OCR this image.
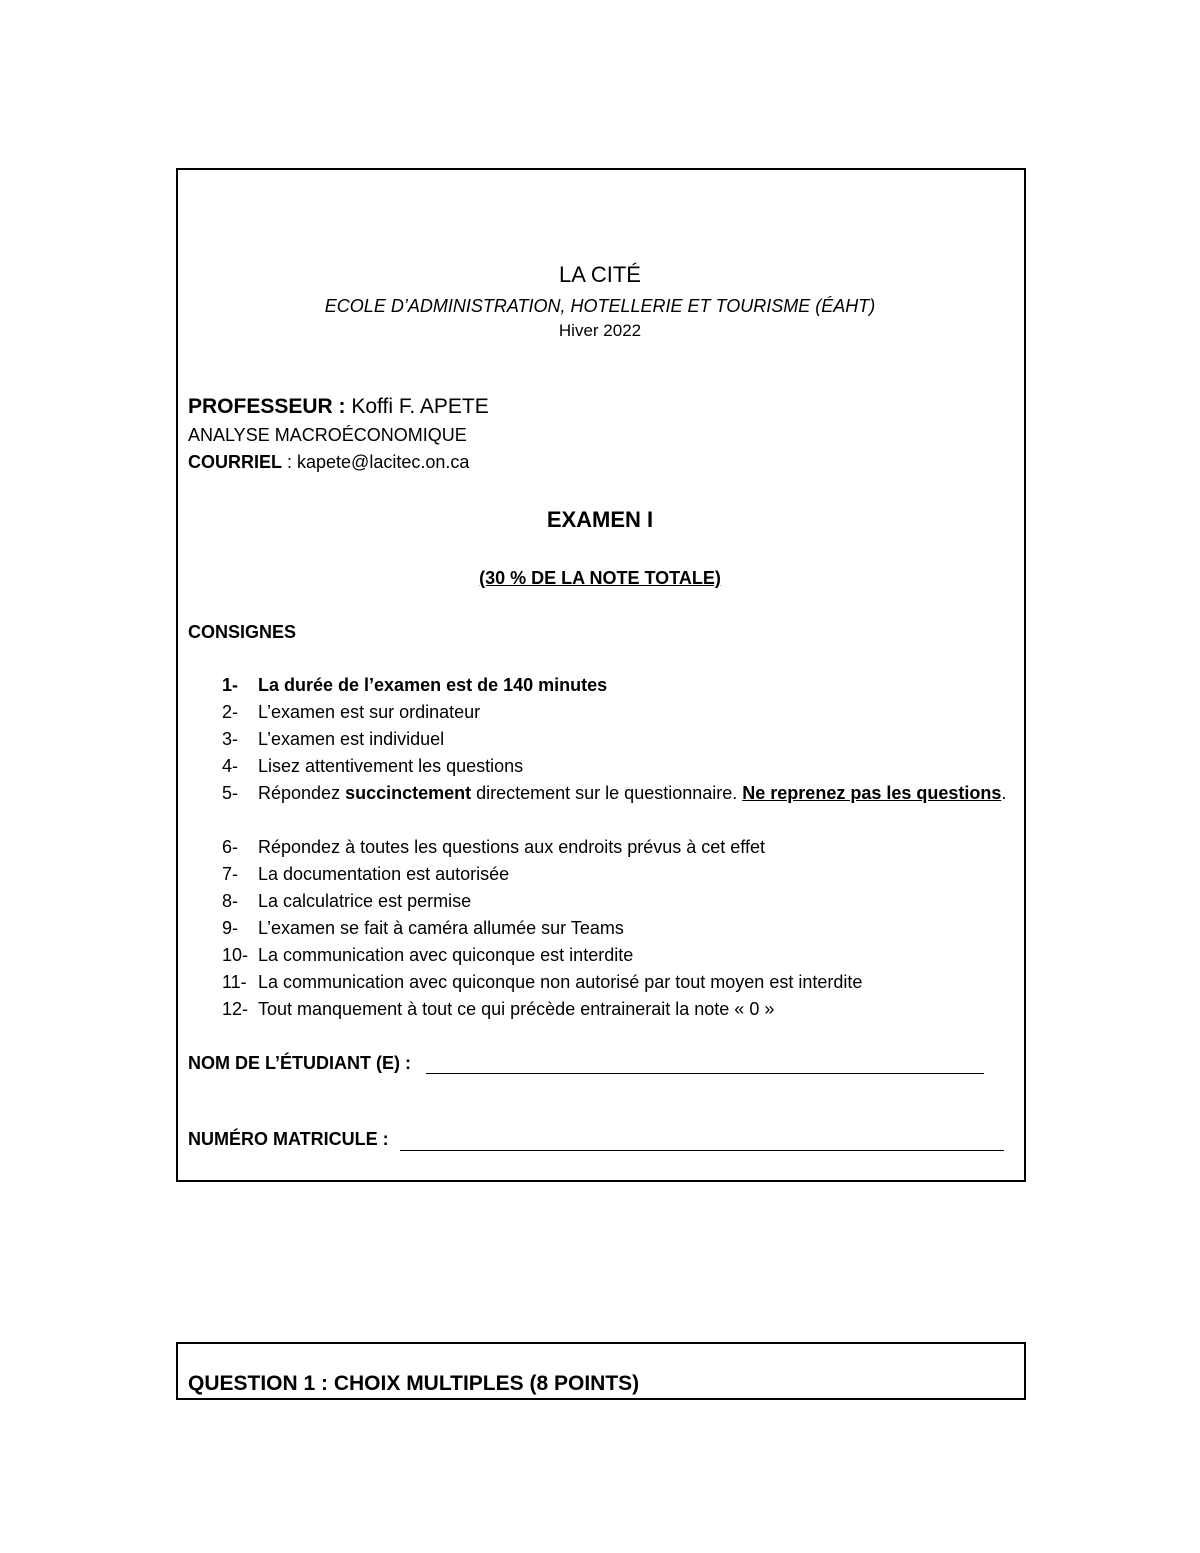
LA CITÉ
ECOLE D’ADMINISTRATION, HOTELLERIE ET TOURISME (ÉAHT)
Hiver 2022
PROFESSEUR : Koffi F. APETE
ANALYSE MACROÉCONOMIQUE
COURRIEL : kapete@lacitec.on.ca
EXAMEN I
(30 % DE LA NOTE TOTALE)
CONSIGNES
1- La durée de l’examen est de 140 minutes
2- L’examen est sur ordinateur
3- L’examen est individuel
4- Lisez attentivement les questions
5- Répondez succinctement directement sur le questionnaire. Ne reprenez pas les questions.
6- Répondez à toutes les questions aux endroits prévus à cet effet
7- La documentation est autorisée
8- La calculatrice est permise
9- L’examen se fait à caméra allumée sur Teams
10- La communication avec quiconque est interdite
11- La communication avec quiconque non autorisé par tout moyen est interdite
12- Tout manquement à tout ce qui précède entrainerait la note « 0 »
NOM DE L’ÉTUDIANT (E) :
NUMÉRO MATRICULE :
QUESTION 1 : CHOIX MULTIPLES (8 POINTS)
